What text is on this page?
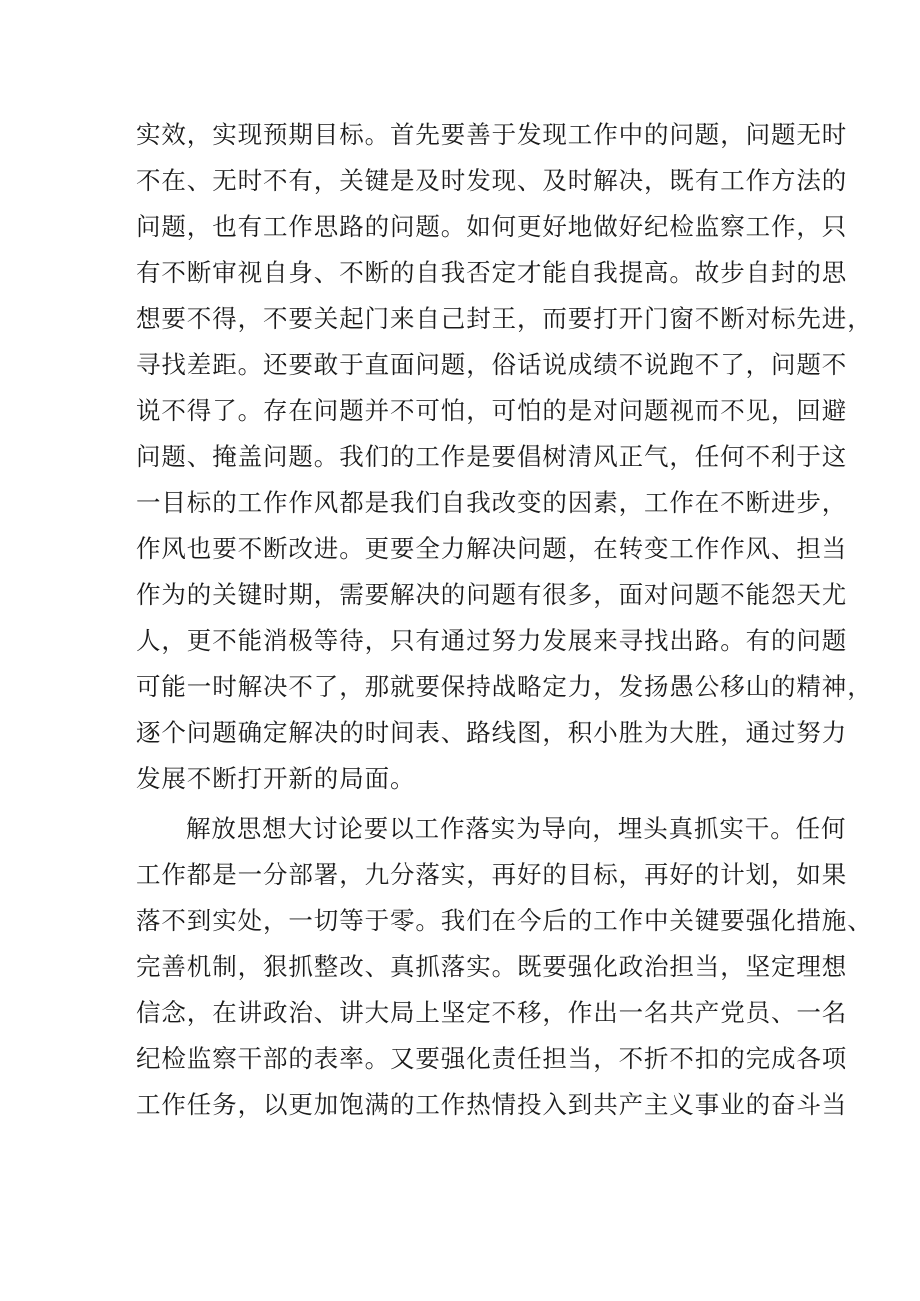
实效，实现预期目标。首先要善于发现工作中的问题，问题无时
不在、无时不有，关键是及时发现、及时解决，既有工作方法的
问题，也有工作思路的问题。如何更好地做好纪检监察工作，只
有不断审视自身、不断的自我否定才能自我提高。故步自封的思
想要不得，不要关起门来自己封王，而要打开门窗不断对标先进，
寻找差距。还要敢于直面问题，俗话说成绩不说跑不了，问题不
说不得了。存在问题并不可怕，可怕的是对问题视而不见，回避
问题、掩盖问题。我们的工作是要倡树清风正气，任何不利于这
一目标的工作作风都是我们自我改变的因素，工作在不断进步，
作风也要不断改进。更要全力解决问题，在转变工作作风、担当
作为的关键时期，需要解决的问题有很多，面对问题不能怨天尤
人，更不能消极等待，只有通过努力发展来寻找出路。有的问题
可能一时解决不了，那就要保持战略定力，发扬愚公移山的精神，
逐个问题确定解决的时间表、路线图，积小胜为大胜，通过努力
发展不断打开新的局面。
解放思想大讨论要以工作落实为导向，埋头真抓实干。任何
工作都是一分部署，九分落实，再好的目标，再好的计划，如果
落不到实处，一切等于零。我们在今后的工作中关键要强化措施、
完善机制，狠抓整改、真抓落实。既要强化政治担当，坚定理想
信念，在讲政治、讲大局上坚定不移，作出一名共产党员、一名
纪检监察干部的表率。又要强化责任担当，不折不扣的完成各项
工作任务，以更加饱满的工作热情投入到共产主义事业的奋斗当
